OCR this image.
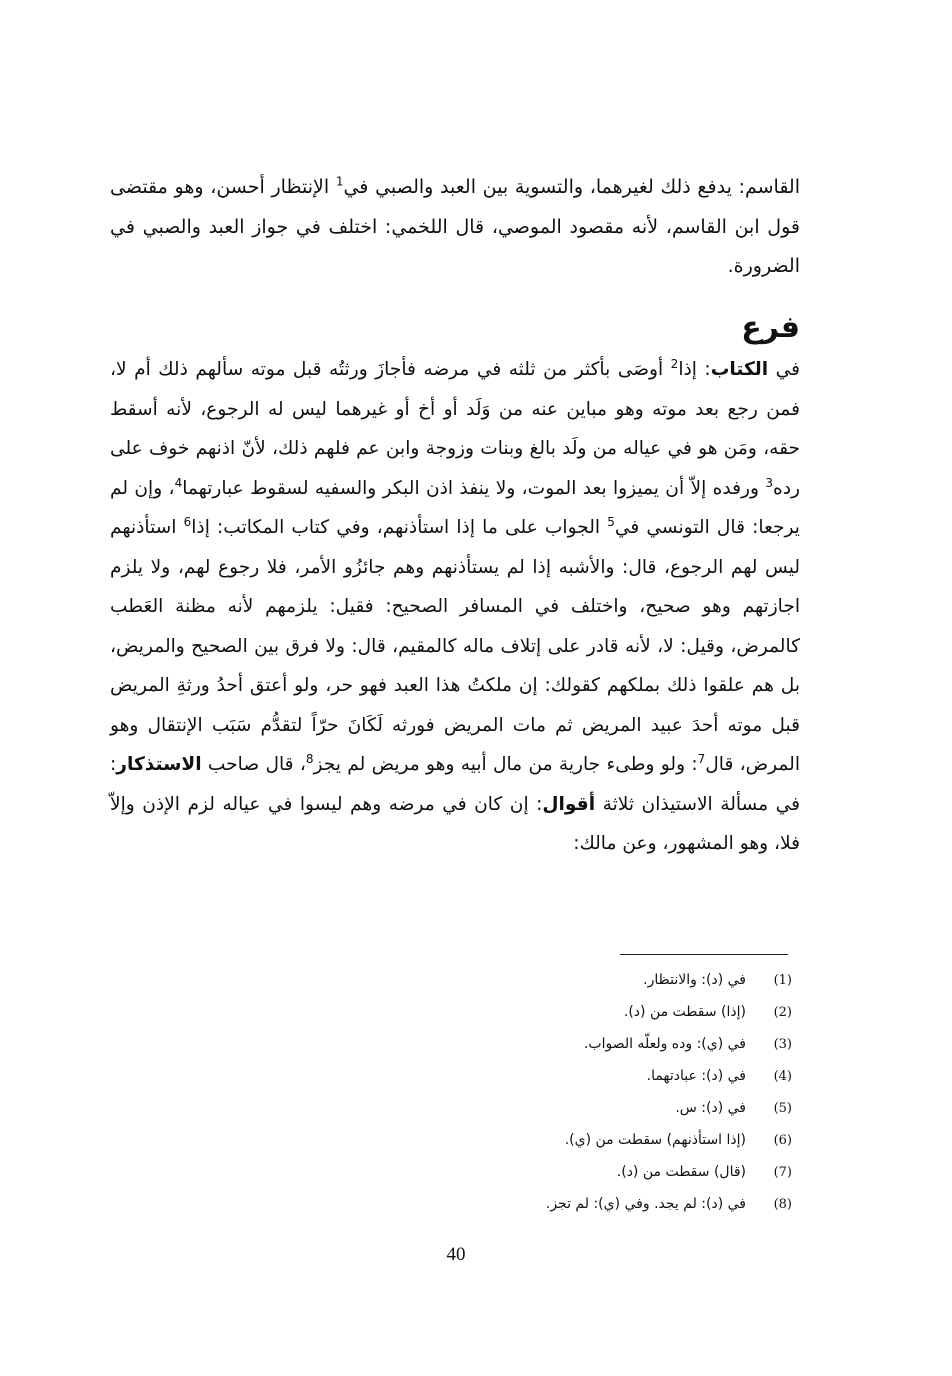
القاسم: يدفع ذلك لغيرهما، والتسوية بين العبد والصبي في$^1$ الإنتظار أحسن، وهو مقتضى قول ابن القاسم، لأنه مقصود الموصي، قال اللخمي: اختلف في جواز العبد والصبي في الضرورة.

فرع

في الكتاب: إذا$^2$ أوصَى بأكثر من ثلثه في مرضه فأجازَ ورثتُه قبل موته سألهم ذلك أم لا، فمن رجع بعد موته وهو مباين عنه من وَلَد أو أخ أو غيرهما ليس له الرجوع، لأنه أسقط حقه، ومَن هو في عياله من ولَد بالغ وبنات وزوجة وابن عم فلهم ذلك، لأنّ اذنهم خوف على رده$^3$ ورفده إلاّ أن يميزوا بعد الموت، ولا ينفذ اذن البكر والسفيه لسقوط عبارتهما$^4$، وإن لم يرجعا: قال التونسي في$^5$ الجواب على ما إذا استأذنهم، وفي كتاب المكاتب: إذا$^6$ استأذنهم ليس لهم الرجوع، قال: والأشبه إذا لم يستأذنهم وهم جائزُو الأمر، فلا رجوع لهم، ولا يلزم اجازتهم وهو صحيح، واختلف في المسافر الصحيح: فقيل: يلزمهم لأنه مظنة العَطب كالمرض، وقيل: لا، لأنه قادر على إتلاف ماله كالمقيم، قال: ولا فرق بين الصحيح والمريض، بل هم علقوا ذلك بملكهم كقولك: إن ملكتُ هذا العبد فهو حر، ولو أعتق أحدُ ورثةِ المريض قبل موته أحدَ عبيد المريض ثم مات المريض فورثه لَكَانَ حرّاً لتقدُّم سَبَب الإنتقال وهو المرض، قال$^7$: ولو وطىء جارية من مال أبيه وهو مريض لم يجز$^8$، قال صاحب الاستذكار: في مسألة الاستيذان ثلاثة أقوال: إن كان في مرضه وهم ليسوا في عياله لزم الإذن وإلاّ فلا، وهو المشهور، وعن مالك:

(1)
في (د): والانتظار.
(2)
(إذا) سقطت من (د).
(3)
في (ي): وده ولعلّه الصواب.
(4)
في (د): عبادتهما.
(5)
في (د): س.
(6)
(إذا استأذنهم) سقطت من (ي).
(7)
(قال) سقطت من (د).
(8)
في (د): لم يجد. وفي (ي): لم تجز.
40
